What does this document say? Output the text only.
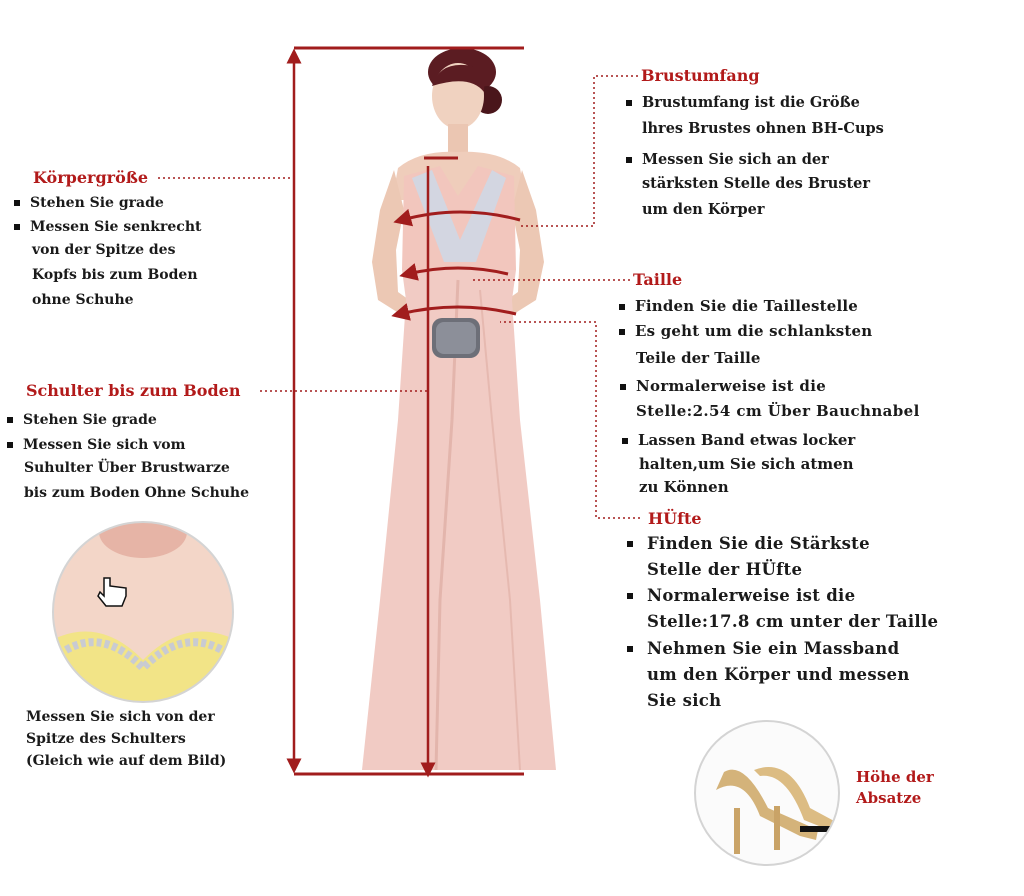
Körpergröße
Stehen Sie grade
Messen Sie senkrecht
von der Spitze des
Kopfs bis zum Boden
ohne Schuhe
Schulter bis zum Boden
Stehen Sie grade
Messen Sie sich vom
Suhulter Über Brustwarze
bis zum Boden Ohne Schuhe
Messen Sie sich von der
Spitze des Schulters
(Gleich wie auf dem Bild)
Brustumfang
Brustumfang ist die Größe
lhres Brustes ohnen BH-Cups
Messen Sie sich an der
stärksten Stelle des Bruster
um den Körper
Taille
Finden Sie die Taillestelle
Es geht um die schlanksten
Teile der Taille
Normalerweise ist die
Stelle:2.54 cm Über Bauchnabel
Lassen Band etwas locker
halten,um Sie sich atmen
zu Können
HÜfte
Finden Sie die Stärkste
Stelle der HÜfte
Normalerweise ist die
Stelle:17.8 cm unter der Taille
Nehmen Sie ein Massband
um den Körper und messen
Sie sich
Höhe der
Absatze
